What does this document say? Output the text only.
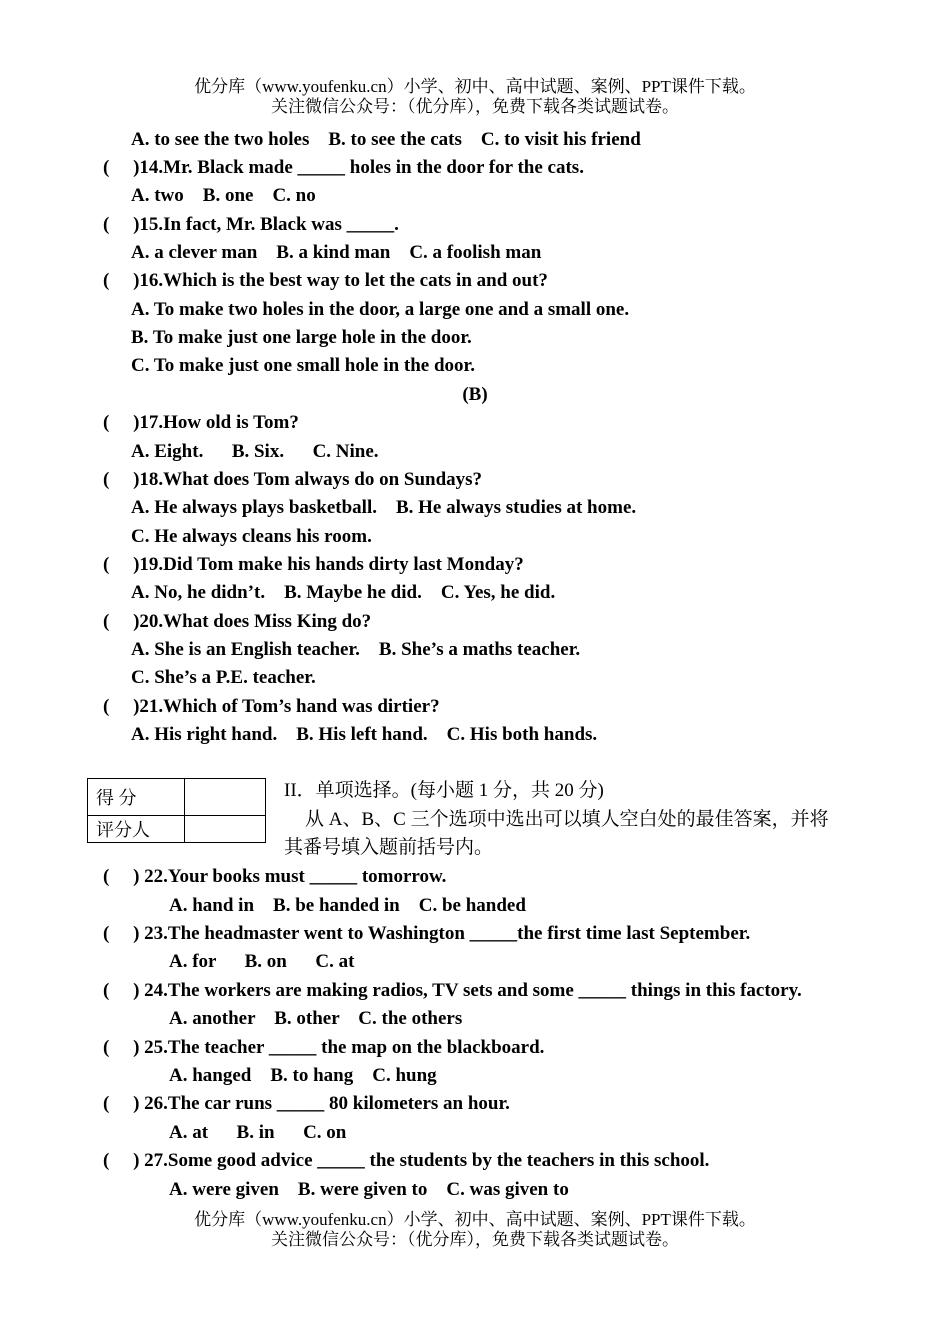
优分库（www.youfenku.cn）小学、初中、高中试题、案例、PPT课件下载。
关注微信公众号：（优分库），免费下载各类试题试卷。
A. to see the two holes    B. to see the cats    C. to visit his friend
(     )14.Mr. Black made _____ holes in the door for the cats.
A. two    B. one    C. no
(     )15.In fact, Mr. Black was _____.
A. a clever man    B. a kind man    C. a foolish man
(     )16.Which is the best way to let the cats in and out?
A. To make two holes in the door, a large one and a small one.
B. To make just one large hole in the door.
C. To make just one small hole in the door.
(B)
(     )17.How old is Tom?
A. Eight.      B. Six.      C. Nine.
(     )18.What does Tom always do on Sundays?
A. He always plays basketball.    B. He always studies at home.
C. He always cleans his room.
(     )19.Did Tom make his hands dirty last Monday?
A. No, he didn’t.    B. Maybe he did.    C. Yes, he did.
(     )20.What does Miss King do?
A. She is an English teacher.    B. She’s a maths teacher.
C. She’s a P.E. teacher.
(     )21.Which of Tom’s hand was dirtier?
A. His right hand.    B. His left hand.    C. His both hands.
得 分	
评分人	
II．单项选择。(每小题 1 分，共 20 分)
从 A、B、C 三个选项中选出可以填人空白处的最佳答案，并将
其番号填入题前括号内。
(     ) 22.Your books must _____ tomorrow.
A. hand in    B. be handed in    C. be handed
(     ) 23.The headmaster went to Washington _____the first time last September.
A. for      B. on      C. at
(     ) 24.The workers are making radios, TV sets and some _____ things in this factory.
A. another    B. other    C. the others
(     ) 25.The teacher _____ the map on the blackboard.
A. hanged    B. to hang    C. hung
(     ) 26.The car runs _____ 80 kilometers an hour.
A. at      B. in      C. on
(     ) 27.Some good advice _____ the students by the teachers in this school.
A. were given    B. were given to    C. was given to
优分库（www.youfenku.cn）小学、初中、高中试题、案例、PPT课件下载。
关注微信公众号：（优分库），免费下载各类试题试卷。
